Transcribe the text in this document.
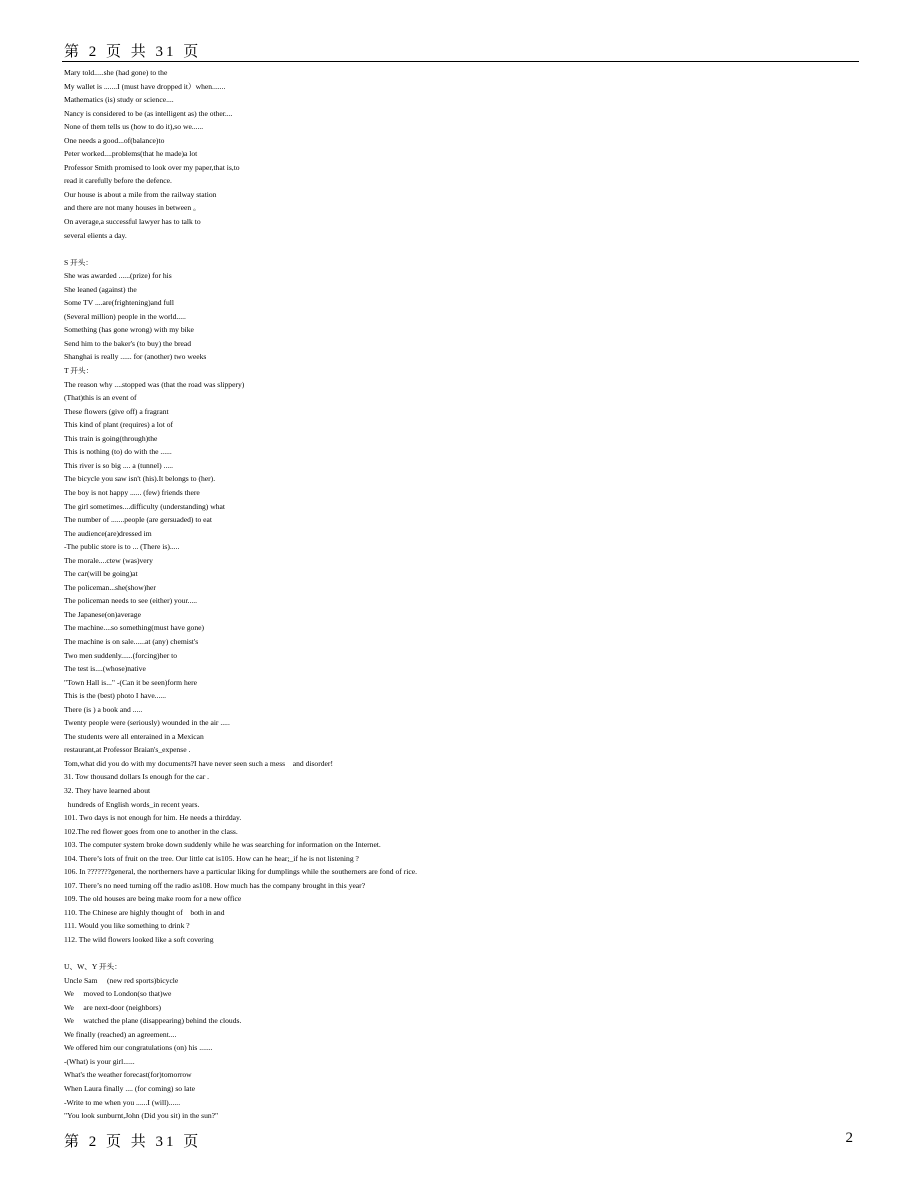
第 2 页 共 31 页
Mary told.....she (had gone) to the
My wallet is .......I (must have dropped it）when.......
Mathematics (is) study or science....
Nancy is considered to be (as intelligent as) the other....
None of them tells us (how to do it),so we......
One needs a good...of(balance)to
Peter worked....problems(that he made)a lot
Professor Smith promised to look over my paper,that is,to
read it carefully before the defence.
Our house is about a mile from the railway station
and there are not many houses in between 。
On average,a successful lawyer has to talk to
several elients a day.
S 开头：
She was awarded ......(prize) for his
She leaned (against) the
Some TV ....are(frightening)and full
(Several million) people in the world.....
Something (has gone wrong) with my bike
Send him to the baker's (to buy) the bread
Shanghai is really ...... for (another) two weeks
T 开头：
The reason why ....stopped was (that the road was slippery)
(That)this is an event of
These flowers (give off) a fragrant
This kind of plant (requires) a lot of
This train is going(through)the
This is nothing (to) do with the ......
This river is so big .... a (tunnel) .....
The bicycle you saw isn't (his).It belongs to (her).
The boy is not happy ...... (few) friends there
The girl sometimes....difficulty (understanding) what
The number of .......people (are gersuaded) to eat
The audience(are)dressed im
-The public store is to ... (There is).....
The morale....ctew (was)very
The car(will be going)at
The policeman...she(show)her
The policeman needs to see (either) your.....
The Japanese(on)average
The machine....so something(must have gone)
The machine is on sale......at (any) chemist's
Two men suddenly......(forcing)her to
The test is....(whose)native
"Town Hall is..." -(Can it be seen)form here
This is the (best) photo I have......
There (is ) a book and .....
Twenty people were (seriously) wounded in the air .....
The students were all enterained in a Mexican
restaurant,at Professor Braian's_expense .
Tom,what did you do with my documents?I have never seen such a mess    and disorder!
31. Tow thousand dollars Is enough for the car .
32. They have learned about
hundreds of English words_in recent years.
101. Two days is not enough for him. He needs a thirdday.
102.The red flower goes from one to another in the class.
103. The computer system broke down suddenly while he was searching for information on the Internet.
104. There’s lots of fruit on the tree. Our little cat is105. How can he hear;_if he is not listening ?
106. In ???????general, the northerners have a particular liking for dumplings while the southerners are fond of rice.
107. There’s no need turning off the radio as108. How much has the company brought in this year?
109. The old houses are being make room for a new office
110. The Chinese are highly thought of    both in and
111. Would you like something to drink ?
112. The wild flowers looked like a soft covering
U、W、Y 开头：
Uncle Sam     (new red sports)bicycle
We     moved to London(so that)we
We     are next-door (neighbors)
We     watched the plane (disappearing) behind the clouds.
We finally (reached) an agreement....
We offered him our congratulations (on) his .......
-(What) is your girl......
What's the weather forecast(for)tomorrow
When Laura finally .... (for coming) so late
-Write to me when you ......I (will)......
"You look sunburnt,John (Did you sit) in the sun?"
第 2 页 共 31 页	2
